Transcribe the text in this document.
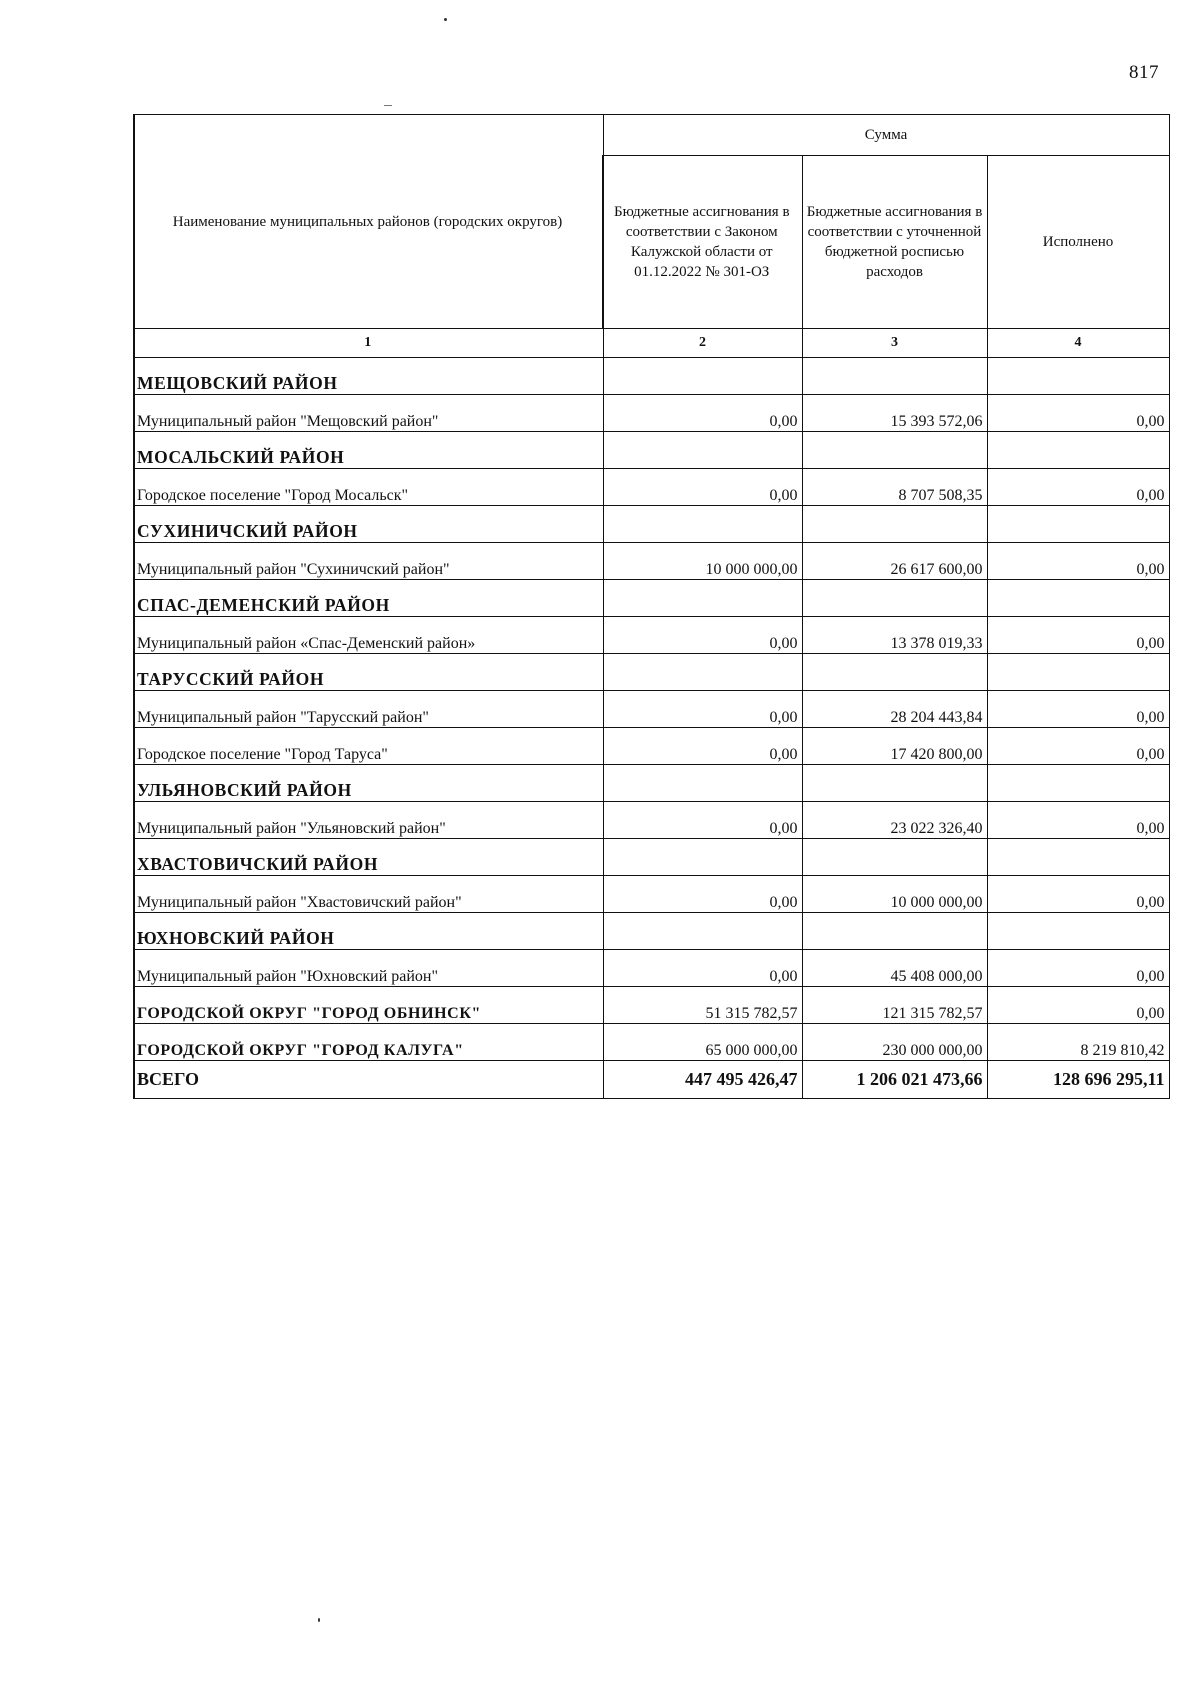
817
Наименование муниципальных районов (городских округов)	Сумма		
	Бюджетные ассигнования в соответствии с Законом Калужской области от 01.12.2022 № 301-ОЗ	Бюджетные ассигнования в соответствии с уточненной бюджетной росписью расходов	Исполнено
1	2	3	4
МЕЩОВСКИЙ РАЙОН			
Муниципальный район "Мещовский район"	0,00	15 393 572,06	0,00
МОСАЛЬСКИЙ РАЙОН			
Городское поселение "Город Мосальск"	0,00	8 707 508,35	0,00
СУХИНИЧСКИЙ РАЙОН			
Муниципальный район "Сухиничский район"	10 000 000,00	26 617 600,00	0,00
СПАС-ДЕМЕНСКИЙ РАЙОН			
Муниципальный район «Спас-Деменский район»	0,00	13 378 019,33	0,00
ТАРУССКИЙ РАЙОН			
Муниципальный район "Тарусский район"	0,00	28 204 443,84	0,00
Городское поселение "Город Таруса"	0,00	17 420 800,00	0,00
УЛЬЯНОВСКИЙ РАЙОН			
Муниципальный район "Ульяновский район"	0,00	23 022 326,40	0,00
ХВАСТОВИЧСКИЙ РАЙОН			
Муниципальный район "Хвастовичский район"	0,00	10 000 000,00	0,00
ЮХНОВСКИЙ РАЙОН			
Муниципальный район "Юхновский район"	0,00	45 408 000,00	0,00
ГОРОДСКОЙ ОКРУГ "ГОРОД ОБНИНСК"	51 315 782,57	121 315 782,57	0,00
ГОРОДСКОЙ ОКРУГ "ГОРОД КАЛУГА"	65 000 000,00	230 000 000,00	8 219 810,42
ВСЕГО	447 495 426,47	1 206 021 473,66	128 696 295,11
